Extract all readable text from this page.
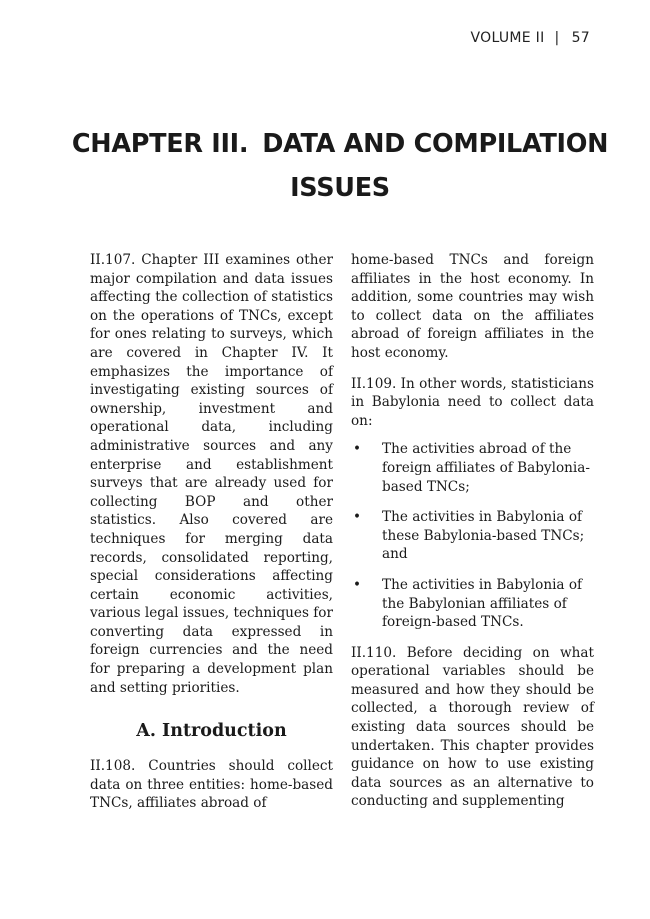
VOLUME II | 57
CHAPTER III. DATA AND COMPILATION
ISSUES

II.107. Chapter III examines other major compilation and data issues affecting the collection of statistics on the operations of TNCs, except for ones relating to surveys, which are covered in Chapter IV. It emphasizes the importance of investigating existing sources of ownership, investment and operational data, including administrative sources and any enterprise and establishment surveys that are already used for collecting BOP and other statistics. Also covered are techniques for merging data records, consolidated reporting, special considerations affecting certain economic activities, various legal issues, techniques for converting data expressed in foreign currencies and the need for preparing a development plan and setting priorities.

A. Introduction

II.108. Countries should collect data on three entities: home-based TNCs, affiliates abroad of

home-based TNCs and foreign affiliates in the host economy. In addition, some countries may wish to collect data on the affiliates abroad of foreign affiliates in the host economy.

II.109. In other words, statisticians in Babylonia need to collect data on:

• The activities abroad of the foreign affiliates of Babylonia-based TNCs;
• The activities in Babylonia of these Babylonia-based TNCs; and
• The activities in Babylonia of the Babylonian affiliates of foreign-based TNCs.

II.110. Before deciding on what operational variables should be measured and how they should be collected, a thorough review of existing data sources should be undertaken. This chapter provides guidance on how to use existing data sources as an alternative to conducting and supplementing
